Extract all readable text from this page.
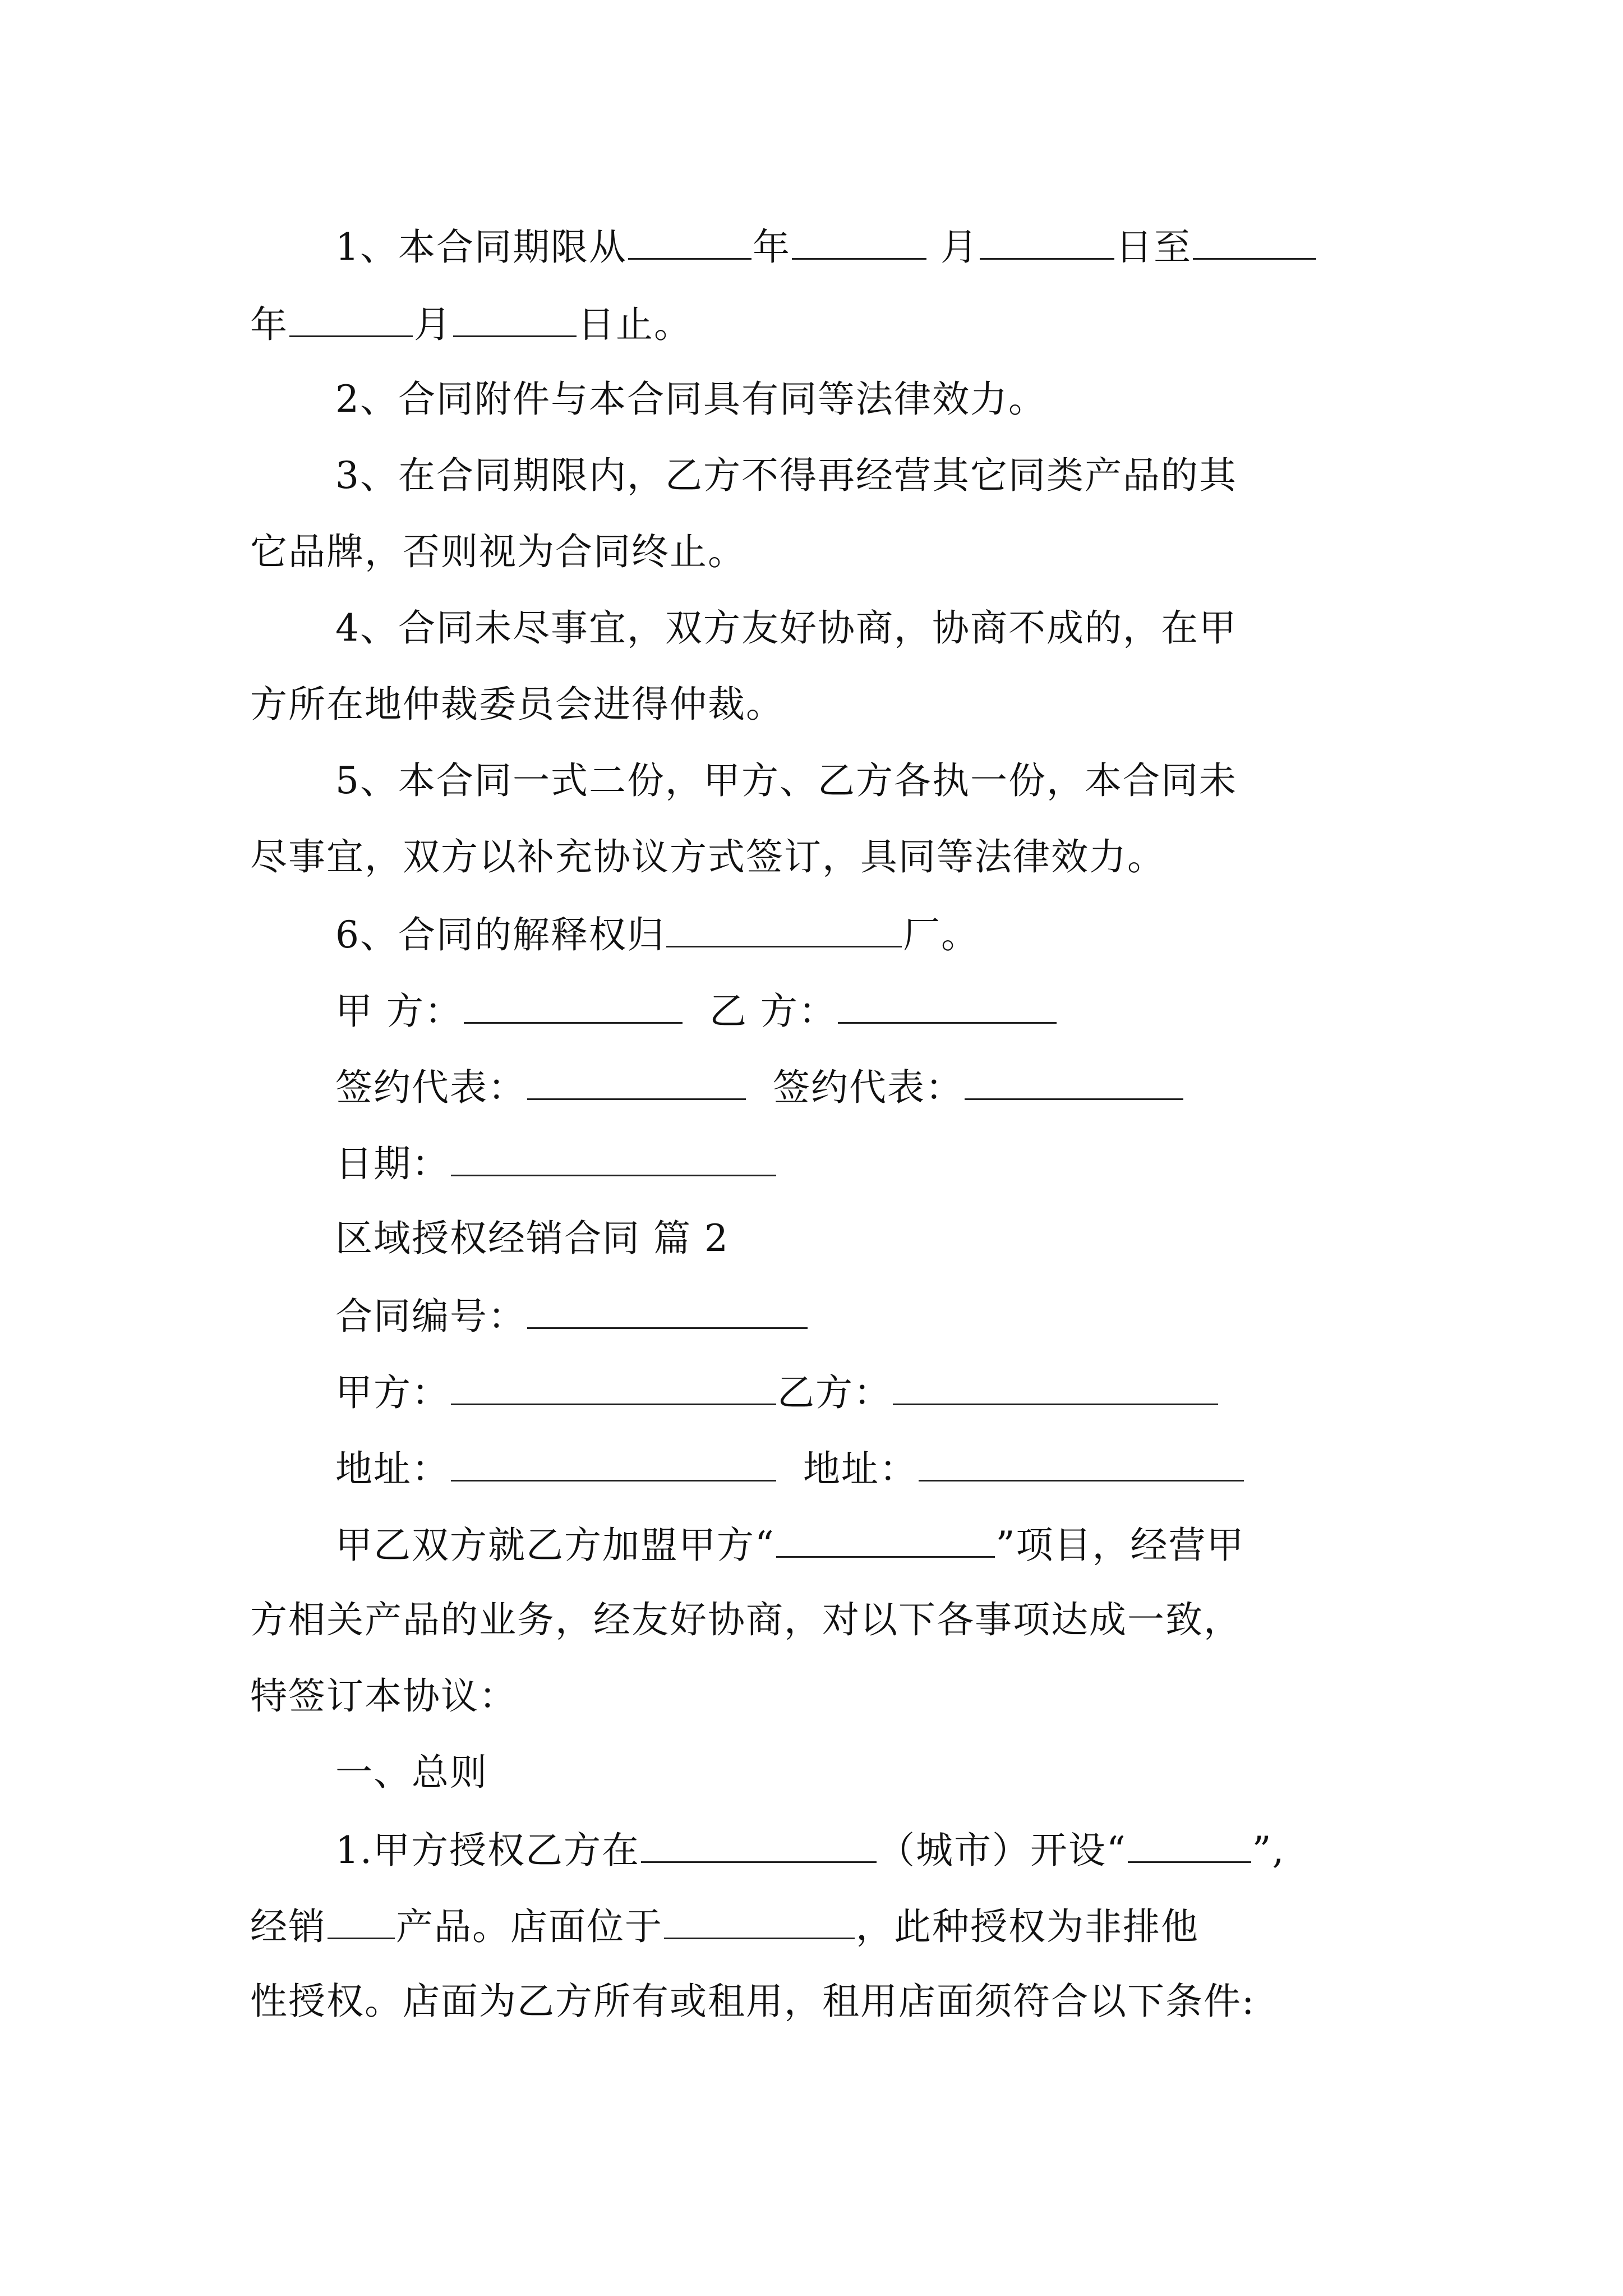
1、本合同期限从	年	月	日至
年	月	日止。
2、合同附件与本合同具有同等法律效力。
3、在合同期限内，乙方不得再经营其它同类产品的其
它品牌，否则视为合同终止。
4、合同未尽事宜，双方友好协商，协商不成的，在甲
方所在地仲裁委员会进得仲裁。
5、本合同一式二份，甲方、乙方各执一份，本合同未
尽事宜，双方以补充协议方式签订，具同等法律效力。
6、合同的解释权归	厂。
甲 方：	乙 方：
签约代表：	签约代表：
日期：
区域授权经销合同 篇 2
合同编号：
甲方：	乙方：
地址：	地址：
甲乙双方就乙方加盟甲方“	”项目，经营甲
方相关产品的业务，经友好协商，对以下各事项达成一致，
特签订本协议：
一、总则
1.甲方授权乙方在	（城市）开设“	”,
经销 产品。店面位于	，此种授权为非排他
性授权。店面为乙方所有或租用，租用店面须符合以下条件:
